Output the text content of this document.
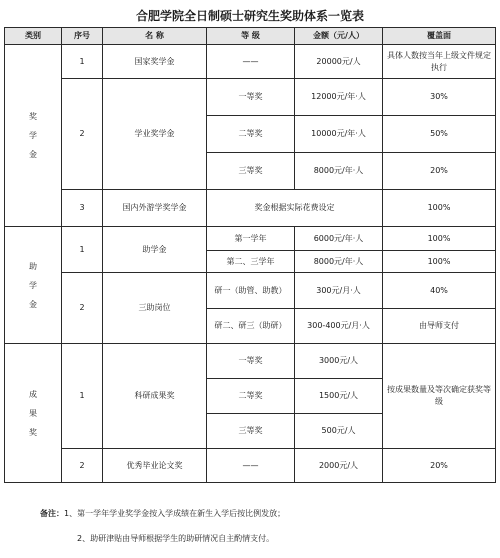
合肥学院全日制硕士研究生奖助体系一览表
类别	序号	名 称	等 级	金额（元/人）	覆盖面

奖
学
金	1	国家奖学金	——	20000元/人	具体人数按当年上级文件规定执行
	2	学业奖学金	一等奖	12000元/年·人	30%
			二等奖	10000元/年·人	50%
			三等奖	8000元/年·人	20%
	3	国内外游学奖学金	奖金根据实际花费设定		100%

助
学
金	1	助学金	第一学年	6000元/年·人	100%
			第二、三学年	8000元/年·人	100%
	2	三助岗位	研一（助管、助教）	300元/月·人	40%
			研二、研三（助研）	300-400元/月·人	由导师支付

成
果
奖	1	科研成果奖	一等奖	3000元/人	按成果数量及等次确定获奖等级
			二等奖	1500元/人	
			三等奖	500元/人	
	2	优秀毕业论文奖	——	2000元/人	20%
备注：1、第一学年学业奖学金按入学成绩在新生入学后按比例发放；
2、助研津贴由导师根据学生的助研情况自主酌情支付。
